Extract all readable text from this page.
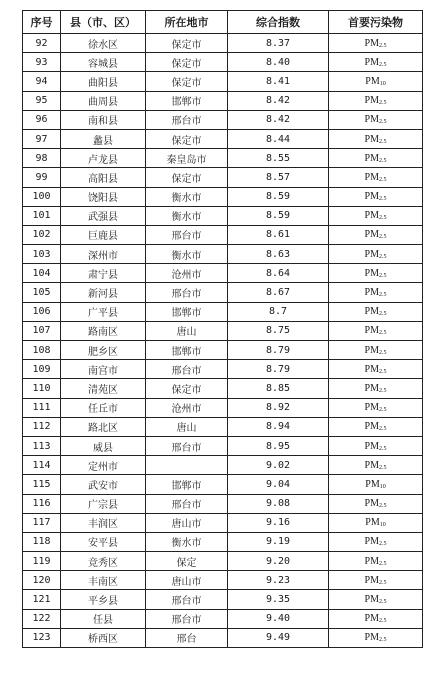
序号	县（市、区）	所在地市	综合指数	首要污染物
92	徐水区	保定市	8.37	$PM_{2.5}$
93	容城县	保定市	8.40	$PM_{2.5}$
94	曲阳县	保定市	8.41	$PM_{10}$
95	曲周县	邯郸市	8.42	$PM_{2.5}$
96	南和县	邢台市	8.42	$PM_{2.5}$
97	蠡县	保定市	8.44	$PM_{2.5}$
98	卢龙县	秦皇岛市	8.55	$PM_{2.5}$
99	高阳县	保定市	8.57	$PM_{2.5}$
100	饶阳县	衡水市	8.59	$PM_{2.5}$
101	武强县	衡水市	8.59	$PM_{2.5}$
102	巨鹿县	邢台市	8.61	$PM_{2.5}$
103	深州市	衡水市	8.63	$PM_{2.5}$
104	肃宁县	沧州市	8.64	$PM_{2.5}$
105	新河县	邢台市	8.67	$PM_{2.5}$
106	广平县	邯郸市	8.7	$PM_{2.5}$
107	路南区	唐山	8.75	$PM_{2.5}$
108	肥乡区	邯郸市	8.79	$PM_{2.5}$
109	南宫市	邢台市	8.79	$PM_{2.5}$
110	清苑区	保定市	8.85	$PM_{2.5}$
111	任丘市	沧州市	8.92	$PM_{2.5}$
112	路北区	唐山	8.94	$PM_{2.5}$
113	威县	邢台市	8.95	$PM_{2.5}$
114	定州市		9.02	$PM_{2.5}$
115	武安市	邯郸市	9.04	$PM_{10}$
116	广宗县	邢台市	9.08	$PM_{2.5}$
117	丰润区	唐山市	9.16	$PM_{10}$
118	安平县	衡水市	9.19	$PM_{2.5}$
119	竞秀区	保定	9.20	$PM_{2.5}$
120	丰南区	唐山市	9.23	$PM_{2.5}$
121	平乡县	邢台市	9.35	$PM_{2.5}$
122	任县	邢台市	9.40	$PM_{2.5}$
123	桥西区	邢台	9.49	$PM_{2.5}$
